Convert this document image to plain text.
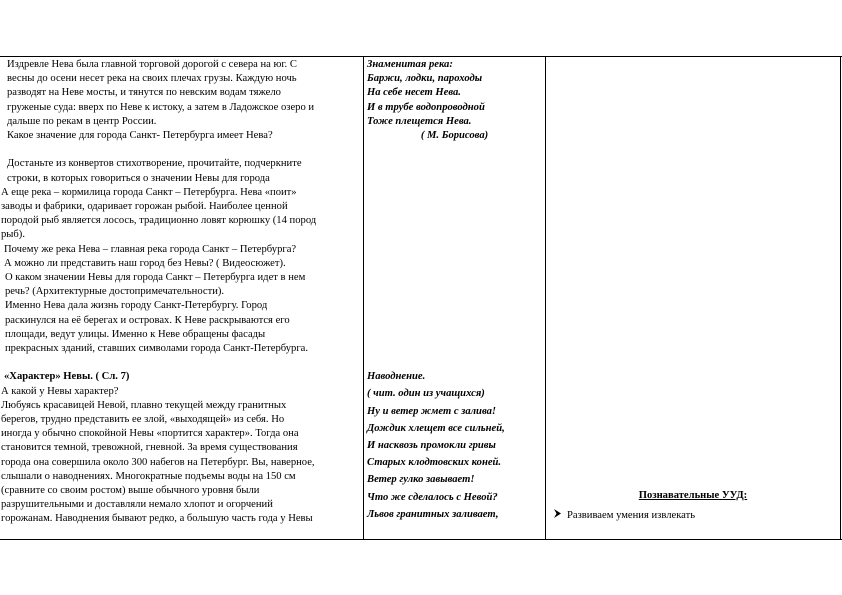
Издревле Нева была главной торговой дорогой с севера на юг. С
весны до осени несет река на своих плечах грузы. Каждую ночь
разводят на Неве мосты, и тянутся по невским водам тяжело
груженые суда: вверх по Неве к истоку, а затем в Ладожское озеро и
дальше по рекам в центр России.
Какое значение для города Санкт- Петербурга имеет Нева?
Достаньте из конвертов стихотворение, прочитайте, подчеркните
строки, в которых говориться о значении Невы для города
А еще река – кормилица города Санкт – Петербурга. Нева «поит»
заводы и фабрики, одаривает горожан рыбой. Наиболее ценной
породой рыб является лосось, традиционно ловят корюшку (14 пород
рыб).
Почему же река Нева – главная река города Санкт – Петербурга?
А можно ли представить наш город без Невы? ( Видеосюжет).
О каком значении Невы для города Санкт – Петербурга идет в нем
речь? (Архитектурные достопримечательности).
Именно Нева дала жизнь городу Санкт-Петербургу. Город
раскинулся на её берегах и островах. К Неве раскрываются его
площади, ведут улицы. Именно к Неве обращены фасады
прекрасных зданий, ставших символами города Санкт-Петербурга.
«Характер» Невы. ( Сл. 7)
А какой у Невы характер?
Любуясь красавицей Невой, плавно текущей между гранитных
берегов, трудно представить ее злой, «выходящей» из себя. Но
иногда у обычно спокойной Невы «портится характер». Тогда она
становится темной, тревожной, гневной. За время существования
города она совершила около 300 набегов на Петербург. Вы, наверное,
слышали о наводнениях. Многократные подъемы воды на 150 см
(сравните со своим ростом) выше обычного уровня были
разрушительными и доставляли немало хлопот и огорчений
горожанам. Наводнения бывают редко, а большую часть года у Невы
Знаменитая река:
Баржи, лодки, пароходы
На себе несет Нева.
И в трубе водопроводной
Тоже плещется Нева.
( М. Борисова)
Наводнение.
( чит. один из учащихся)
Ну и ветер жмет с залива!
Дождик хлещет все сильней,
И насквозь промокли гривы
Старых клодтовских коней.
Ветер гулко завывает!
Что же сделалось с Невой?
Львов гранитных заливает,
Познавательные УУД:
Развиваем умения извлекать
